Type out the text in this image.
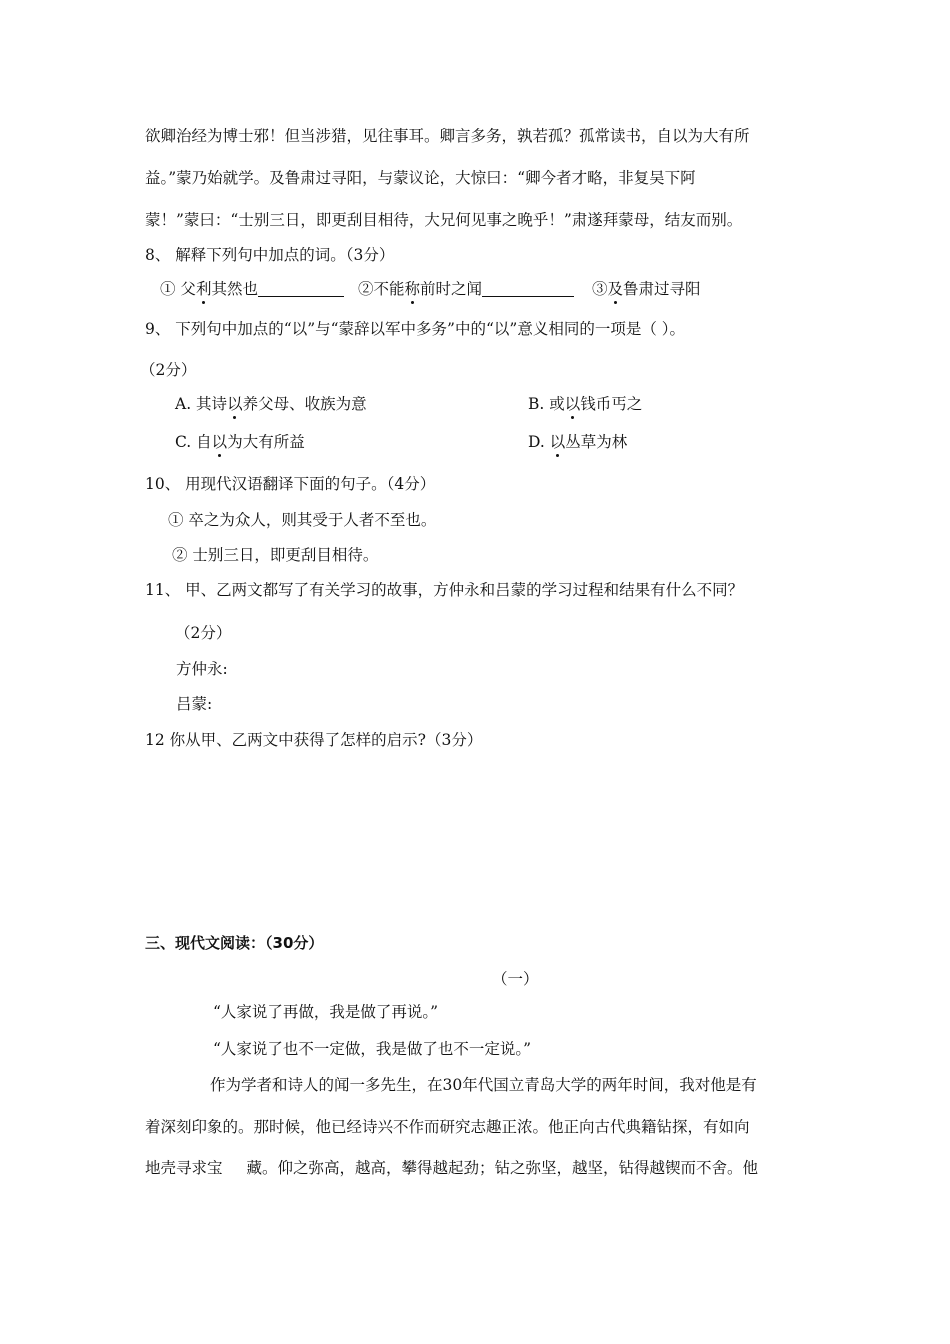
欲卿治经为博士邪！但当涉猎，见往事耳。卿言多务，孰若孤？孤常读书，自以为大有所
益。”蒙乃始就学。及鲁肃过寻阳，与蒙议论，大惊曰：“卿今者才略，非复吴下阿
蒙！”蒙曰：“士别三日，即更刮目相待，大兄何见事之晚乎！”肃遂拜蒙母，结友而别。
8、 解释下列句中加点的词。（3分）
① 父利其然也	②不能称前时之闻	③及鲁肃过寻阳
9、 下列句中加点的“以”与“蒙辞以军中多务”中的“以”意义相同的一项是（ ）。
（2分）
A. 其诗以养父母、收族为意	B. 或以钱币丐之
C. 自以为大有所益	D. 以丛草为林
10、 用现代汉语翻译下面的句子。（4分）
① 卒之为众人，则其受于人者不至也。
② 士别三日，即更刮目相待。
11、 甲、乙两文都写了有关学习的故事，方仲永和吕蒙的学习过程和结果有什么不同？
（2分）
方仲永:
吕蒙:
12 你从甲、乙两文中获得了怎样的启示?（3分）
三、现代文阅读：（30分）
（一）
“人家说了再做，我是做了再说。”
“人家说了也不一定做，我是做了也不一定说。”
作为学者和诗人的闻一多先生，在30年代国立青岛大学的两年时间，我对他是有
着深刻印象的。那时候，他已经诗兴不作而研究志趣正浓。他正向古代典籍钻探，有如向
地壳寻求宝 藏。仰之弥高，越高，攀得越起劲；钻之弥坚，越坚，钻得越锲而不舍。他
